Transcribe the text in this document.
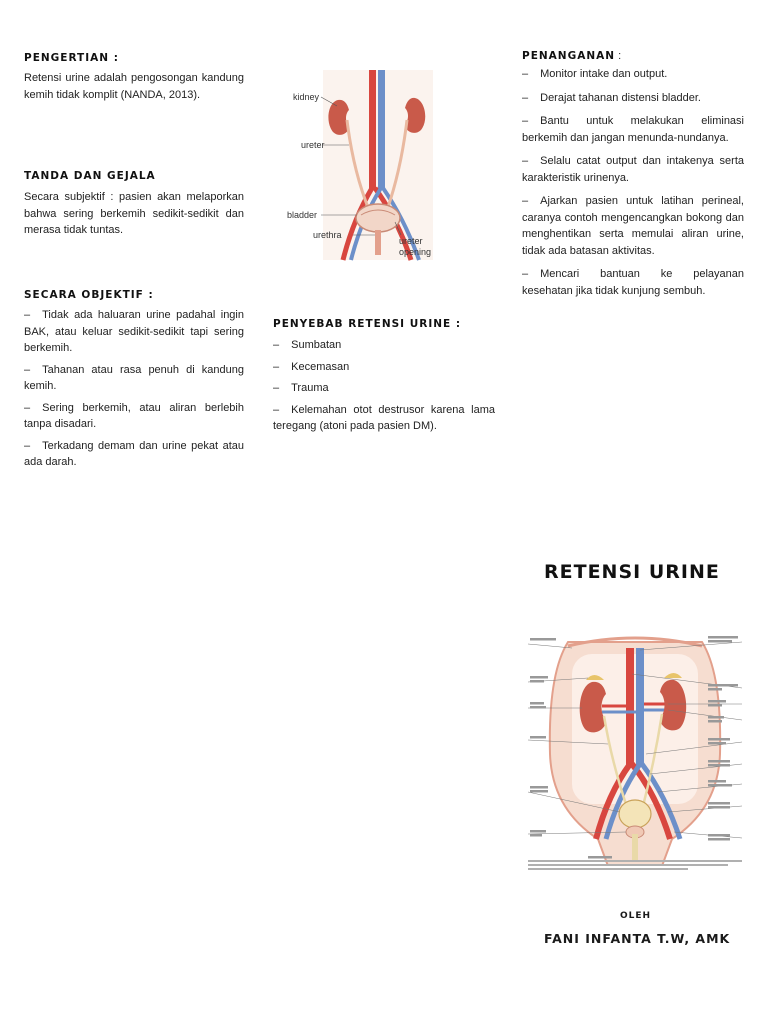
PENGERTIAN :
Retensi urine adalah pengosongan kandung kemih tidak komplit (NANDA, 2013).
TANDA DAN GEJALA
Secara subjektif : pasien akan melaporkan bahwa sering berkemih sedikit-sedikit dan merasa tidak tuntas.
SECARA OBJEKTIF :
– Tidak ada haluaran urine padahal ingin BAK, atau keluar sedikit-sedikit tapi sering berkemih.
– Tahanan atau rasa penuh di kandung kemih.
– Sering berkemih, atau aliran berlebih tanpa disadari.
– Terkadang demam dan urine pekat atau ada darah.
kidney
ureter
bladder
urethra
ureter
opening
PENYEBAB RETENSI URINE :
– Sumbatan
– Kecemasan
– Trauma
– Kelemahan otot destrusor karena lama teregang (atoni pada pasien DM).
PENANGANAN :
– Monitor intake dan output.
– Derajat tahanan distensi bladder.
– Bantu untuk melakukan eliminasi berkemih dan jangan menunda-nundanya.
– Selalu catat output dan intakenya serta karakteristik urinenya.
– Ajarkan pasien untuk latihan perineal, caranya contoh mengencangkan bokong dan menghentikan serta memulai aliran urine, tidak ada batasan aktivitas.
– Mencari bantuan ke pelayanan kesehatan jika tidak kunjung sembuh.
RETENSI URINE
OLEH
FANI INFANTA T.W, AMK
